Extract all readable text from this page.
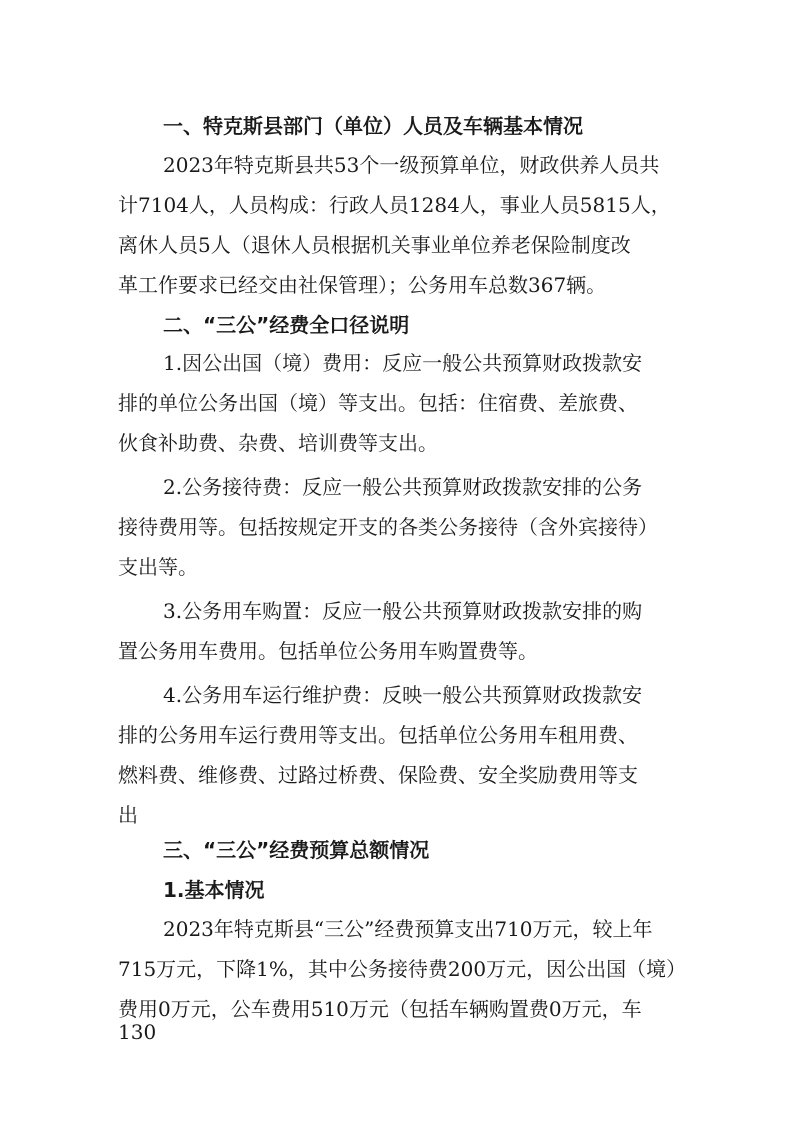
一、特克斯县部门（单位）人员及车辆基本情况
2023年特克斯县共53个一级预算单位，财政供养人员共
计7104人，人员构成：行政人员1284人，事业人员5815人，
离休人员5人（退休人员根据机关事业单位养老保险制度改
革工作要求已经交由社保管理）；公务用车总数367辆。
二、“三公”经费全口径说明
1.因公出国（境）费用：反应一般公共预算财政拨款安
排的单位公务出国（境）等支出。包括：住宿费、差旅费、
伙食补助费、杂费、培训费等支出。
2.公务接待费：反应一般公共预算财政拨款安排的公务
接待费用等。包括按规定开支的各类公务接待（含外宾接待）
支出等。
3.公务用车购置：反应一般公共预算财政拨款安排的购
置公务用车费用。包括单位公务用车购置费等。
4.公务用车运行维护费：反映一般公共预算财政拨款安
排的公务用车运行费用等支出。包括单位公务用车租用费、
燃料费、维修费、过路过桥费、保险费、安全奖励费用等支
出
三、“三公”经费预算总额情况
1.基本情况
2023年特克斯县“三公”经费预算支出710万元，较上年
715万元，下降1%，其中公务接待费200万元，因公出国（境）
费用0万元，公车费用510万元（包括车辆购置费0万元，车
130
